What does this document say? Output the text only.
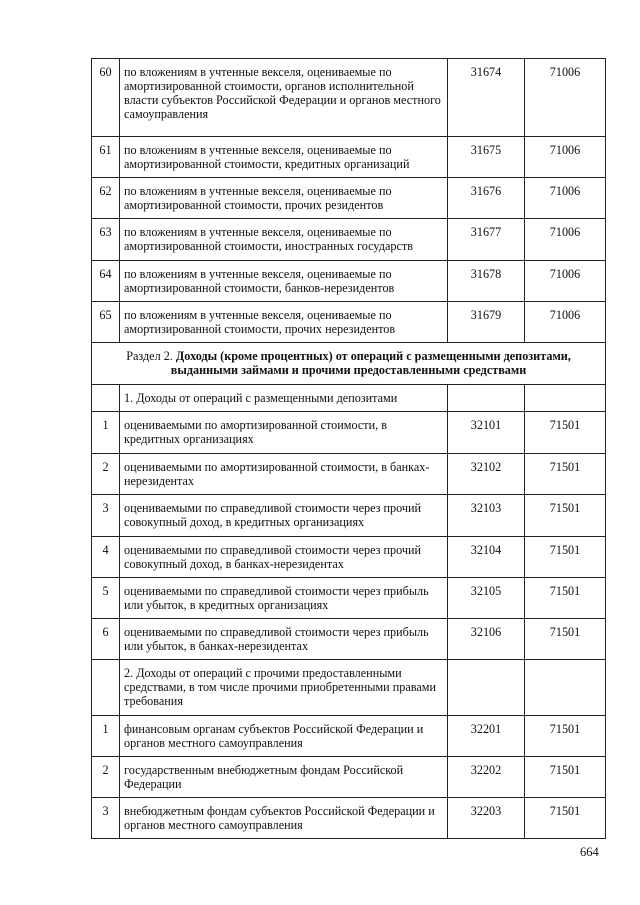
60	по вложениям в учтенные векселя, оцениваемые по амортизированной стоимости, органов исполнительной власти субъектов Российской Федерации и органов местного самоуправления	31674	71006
61	по вложениям в учтенные векселя, оцениваемые по амортизированной стоимости, кредитных организаций	31675	71006
62	по вложениям в учтенные векселя, оцениваемые по амортизированной стоимости, прочих резидентов	31676	71006
63	по вложениям в учтенные векселя, оцениваемые по амортизированной стоимости, иностранных государств	31677	71006
64	по вложениям в учтенные векселя, оцениваемые по амортизированной стоимости, банков-нерезидентов	31678	71006
65	по вложениям в учтенные векселя, оцениваемые по амортизированной стоимости, прочих нерезидентов	31679	71006
Раздел 2. Доходы (кроме процентных) от операций с размещенными депозитами, выданными займами и прочими предоставленными средствами			
	1. Доходы от операций с размещенными депозитами		
1	оцениваемыми по амортизированной стоимости, в кредитных организациях	32101	71501
2	оцениваемыми по амортизированной стоимости, в банках-нерезидентах	32102	71501
3	оцениваемыми по справедливой стоимости через прочий совокупный доход, в кредитных организациях	32103	71501
4	оцениваемыми по справедливой стоимости через прочий совокупный доход, в банках-нерезидентах	32104	71501
5	оцениваемыми по справедливой стоимости через прибыль или убыток, в кредитных организациях	32105	71501
6	оцениваемыми по справедливой стоимости через прибыль или убыток, в банках-нерезидентах	32106	71501
	2. Доходы от операций с прочими предоставленными средствами, в том числе прочими приобретенными правами требования		
1	финансовым органам субъектов Российской Федерации и органов местного самоуправления	32201	71501
2	государственным внебюджетным фондам Российской Федерации	32202	71501
3	внебюджетным фондам субъектов Российской Федерации и органов местного самоуправления	32203	71501
664
